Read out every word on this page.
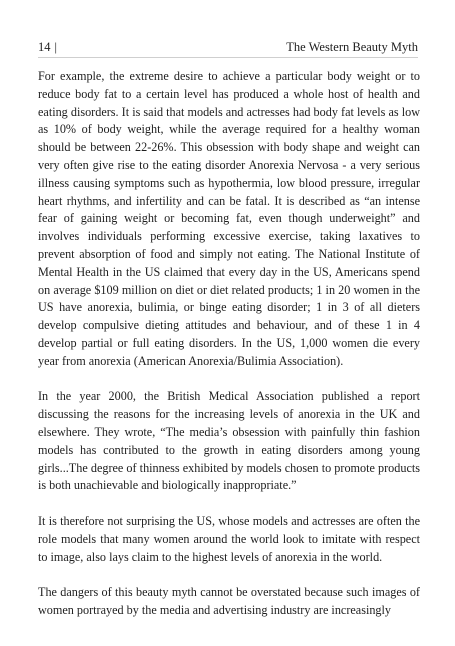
14 |	The Western Beauty Myth

For example, the extreme desire to achieve a particular body weight or to reduce body fat to a certain level has produced a whole host of health and eating disorders. It is said that models and actresses had body fat levels as low as 10% of body weight, while the average required for a healthy woman should be between 22-26%. This obsession with body shape and weight can very often give rise to the eating disorder Anorexia Nervosa - a very serious illness causing symptoms such as hypothermia, low blood pressure, irregular heart rhythms, and infertility and can be fatal. It is described as “an intense fear of gaining weight or becoming fat, even though underweight” and involves individuals performing excessive exercise, taking laxatives to prevent absorption of food and simply not eating. The National Institute of Mental Health in the US claimed that every day in the US, Americans spend on average $109 million on diet or diet related products; 1 in 20 women in the US have anorexia, bulimia, or binge eating disorder; 1 in 3 of all dieters develop compulsive dieting attitudes and behaviour, and of these 1 in 4 develop partial or full eating disorders. In the US, 1,000 women die every year from anorexia (American Anorexia/Bulimia Association).

In the year 2000, the British Medical Association published a report discussing the reasons for the increasing levels of anorexia in the UK and elsewhere. They wrote, “The media’s obsession with painfully thin fashion models has contributed to the growth in eating disorders among young girls...The degree of thinness exhibited by models chosen to promote products is both unachievable and biologically inappropriate.”

It is therefore not surprising the US, whose models and actresses are often the role models that many women around the world look to imitate with respect to image, also lays claim to the highest levels of anorexia in the world.

The dangers of this beauty myth cannot be overstated because such images of women portrayed by the media and advertising industry are increasingly
